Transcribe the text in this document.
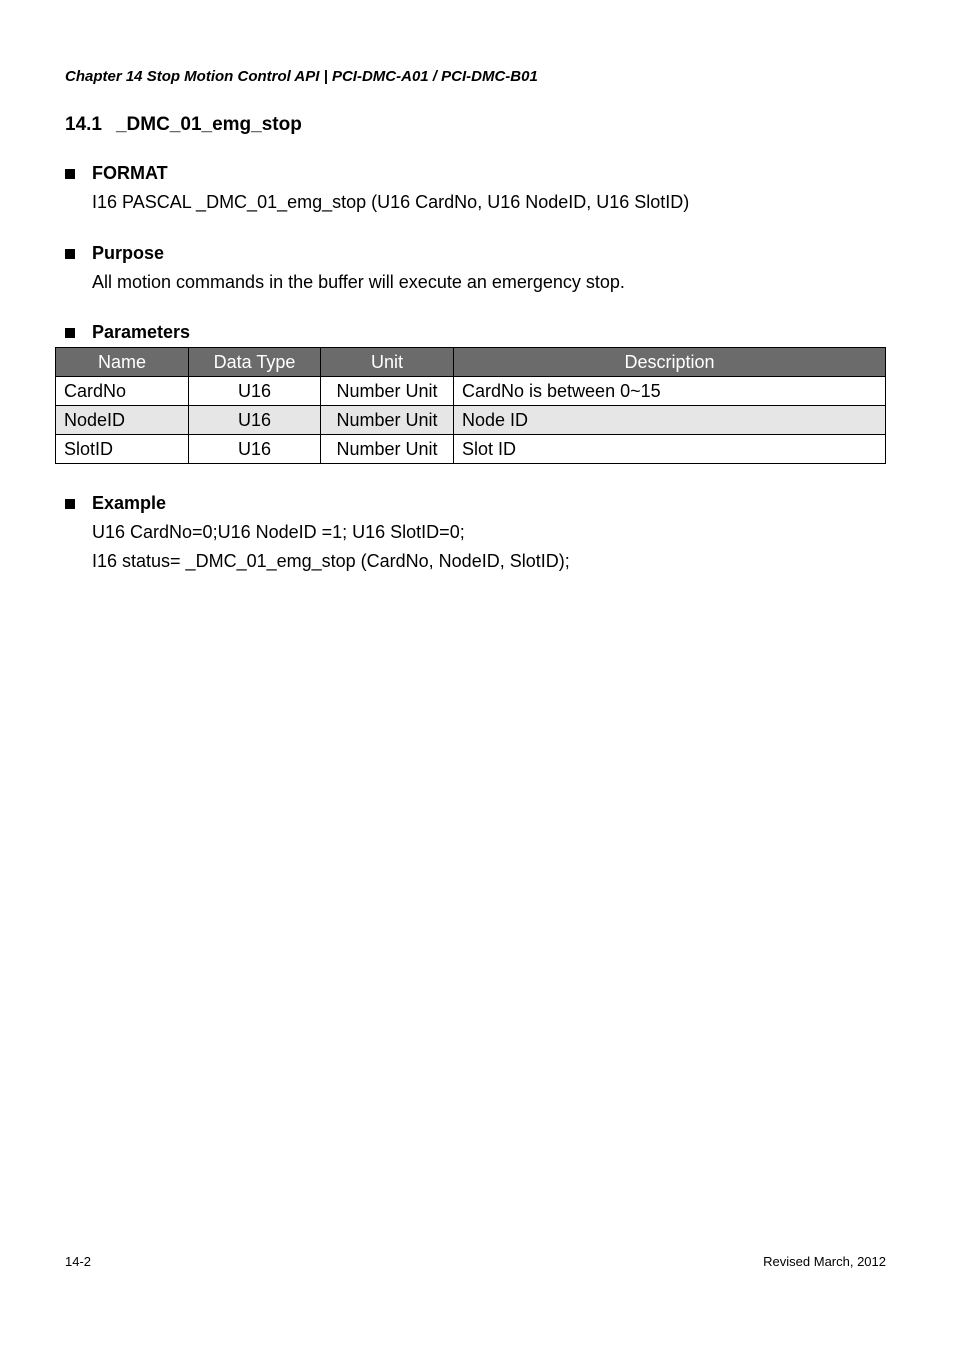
Chapter 14 Stop Motion Control API | PCI-DMC-A01 / PCI-DMC-B01
14.1 _DMC_01_emg_stop
FORMAT
I16 PASCAL _DMC_01_emg_stop (U16 CardNo, U16 NodeID, U16 SlotID)
Purpose
All motion commands in the buffer will execute an emergency stop.
Parameters
Name	Data Type	Unit	Description
CardNo	U16	Number Unit	CardNo is between 0~15
NodeID	U16	Number Unit	Node ID
SlotID	U16	Number Unit	Slot ID
Example
U16 CardNo=0;U16 NodeID =1; U16 SlotID=0;
I16 status= _DMC_01_emg_stop (CardNo, NodeID, SlotID);
14-2	Revised March, 2012
